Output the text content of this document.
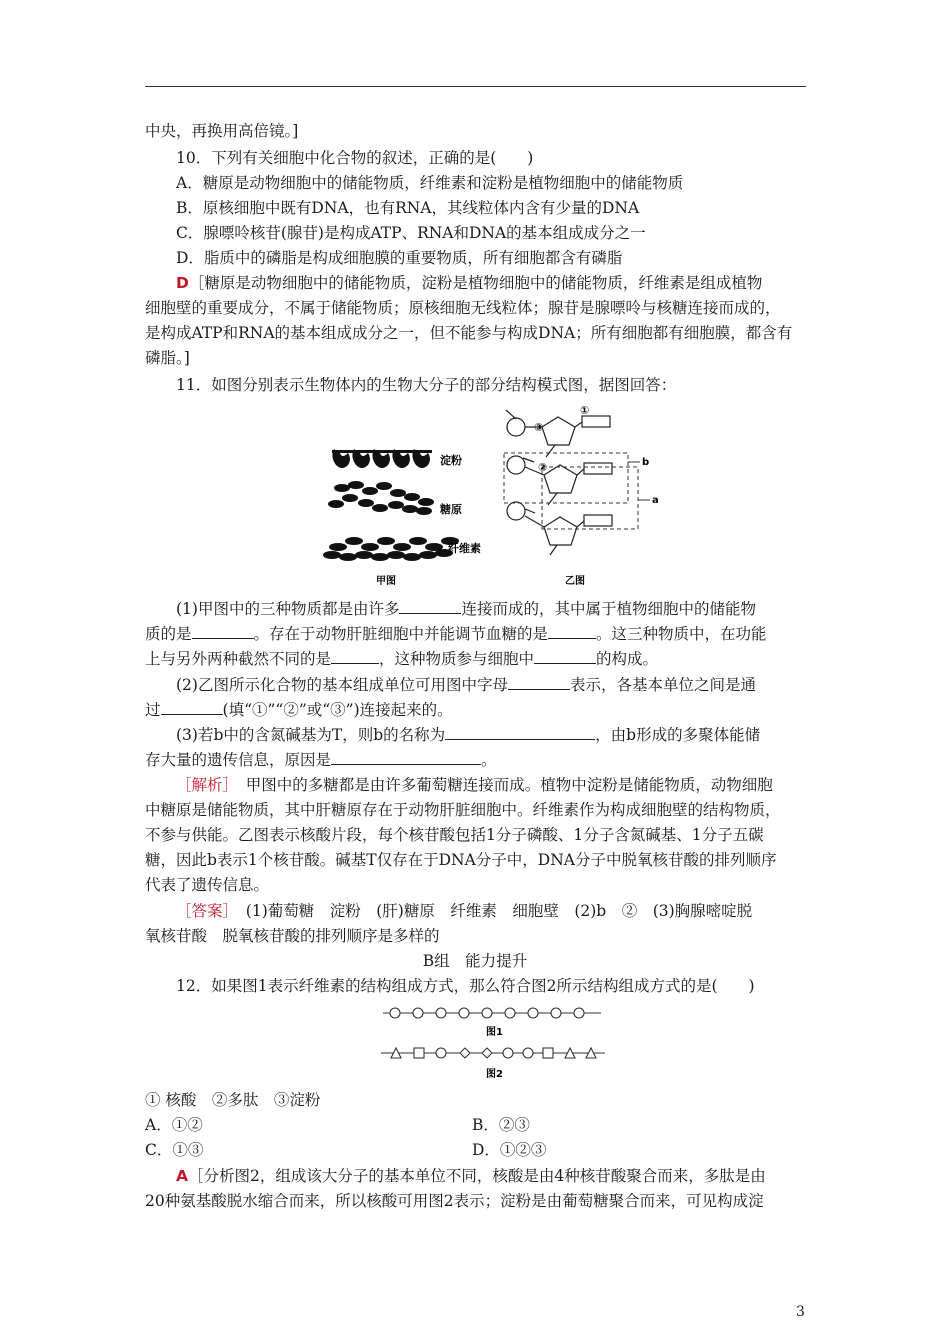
中央，再换用高倍镜。]
10．下列有关细胞中化合物的叙述，正确的是(　　)
A．糖原是动物细胞中的储能物质，纤维素和淀粉是植物细胞中的储能物质
B．原核细胞中既有DNA，也有RNA，其线粒体内含有少量的DNA
C．腺嘌呤核苷(腺苷)是构成ATP、RNA和DNA的基本组成成分之一
D．脂质中的磷脂是构成细胞膜的重要物质，所有细胞都含有磷脂
D［糖原是动物细胞中的储能物质，淀粉是植物细胞中的储能物质，纤维素是组成植物
细胞壁的重要成分，不属于储能物质；原核细胞无线粒体；腺苷是腺嘌呤与核糖连接而成的，
是构成ATP和RNA的基本组成成分之一，但不能参与构成DNA；所有细胞都有细胞膜，都含有
磷脂。]
11．如图分别表示生物体内的生物大分子的部分结构模式图，据图回答：
淀粉
糖原
纤维素
甲图
③
①
②	b
a
乙图
(1)甲图中的三种物质都是由许多	连接而成的，其中属于植物细胞中的储能物
质的是	。存在于动物肝脏细胞中并能调节血糖的是	。这三种物质中，在功能
上与另外两种截然不同的是	，这种物质参与细胞中	的构成。
(2)乙图所示化合物的基本组成单位可用图中字母	表示，各基本单位之间是通
过	(填“①”“②”或“③”)连接起来的。
(3)若b中的含氮碱基为T，则b的名称为	，由b形成的多聚体能储
存大量的遗传信息，原因是	。
［解析］　 甲图中的多糖都是由许多葡萄糖连接而成。植物中淀粉是储能物质，动物细胞
中糖原是储能物质，其中肝糖原存在于动物肝脏细胞中。纤维素作为构成细胞壁的结构物质，
不参与供能。乙图表示核酸片段，每个核苷酸包括1分子磷酸、1分子含氮碱基、1分子五碳
糖，因此b表示1个核苷酸。碱基T仅存在于DNA分子中，DNA分子中脱氧核苷酸的排列顺序
代表了遗传信息。
［答案］　 (1)葡萄糖　淀粉　(肝)糖原　纤维素　细胞壁　(2)b　②　(3)胸腺嘧啶脱
氧核苷酸　脱氧核苷酸的排列顺序是多样的
B组　能力提升
12．如果图1表示纤维素的结构组成方式，那么符合图2所示结构组成方式的是(　　)
图1
图2
① 核酸　②多肽　③淀粉
A．①②	B．②③
C．①③	D．①②③
A［分析图2，组成该大分子的基本单位不同，核酸是由4种核苷酸聚合而来，多肽是由
20种氨基酸脱水缩合而来，所以核酸可用图2表示；淀粉是由葡萄糖聚合而来，可见构成淀
3
